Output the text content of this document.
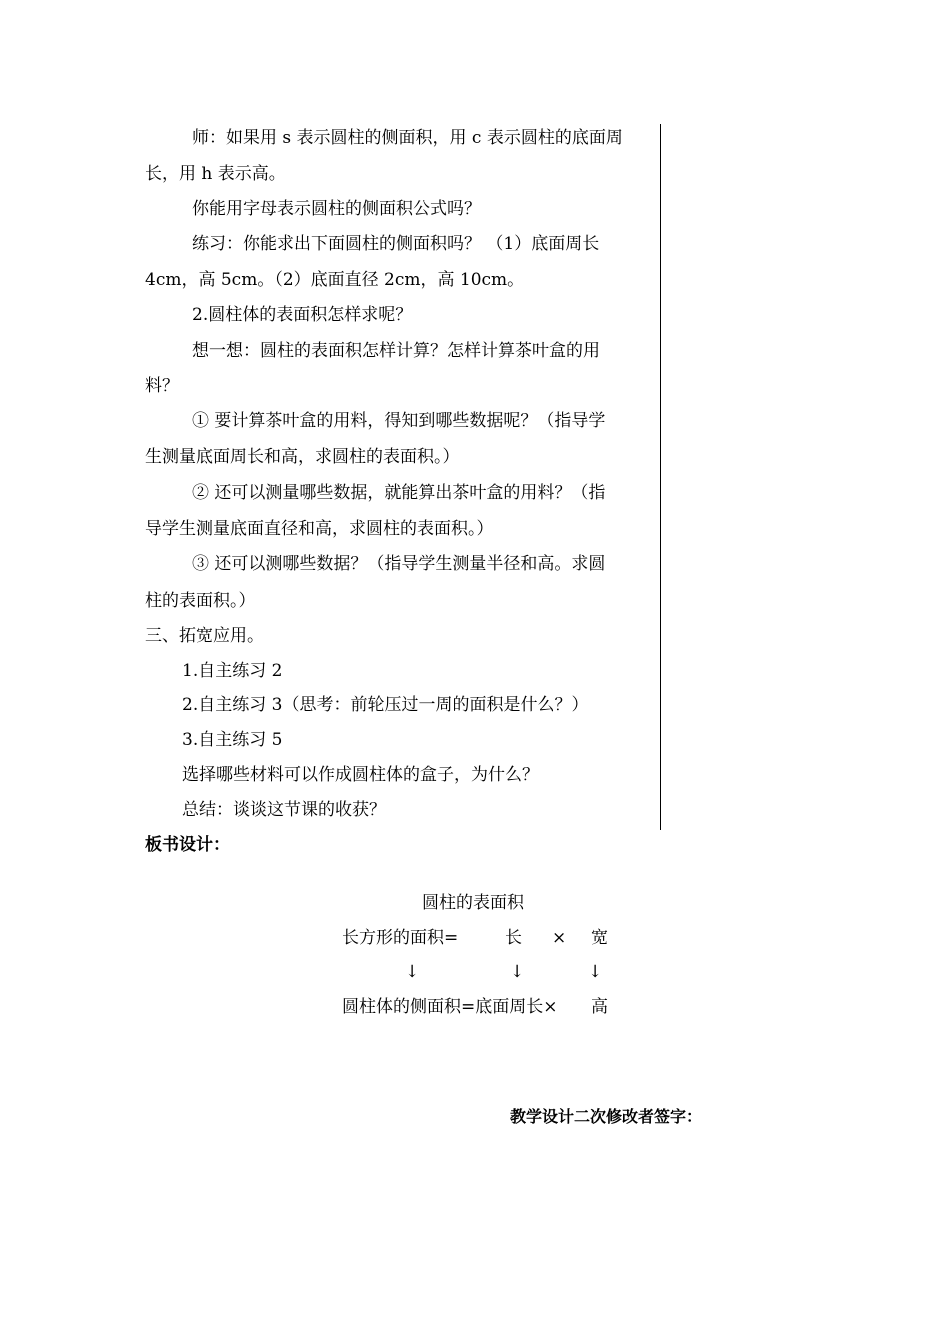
师：如果用 s 表示圆柱的侧面积，用 c 表示圆柱的底面周
长，用 h 表示高。
你能用字母表示圆柱的侧面积公式吗？
练习：你能求出下面圆柱的侧面积吗？ （1）底面周长
4cm，高 5cm。（2）底面直径 2cm，高 10cm。
2.圆柱体的表面积怎样求呢？
想一想：圆柱的表面积怎样计算？怎样计算茶叶盒的用
料？
① 要计算茶叶盒的用料，得知到哪些数据呢？（指导学
生测量底面周长和高，求圆柱的表面积。）
② 还可以测量哪些数据，就能算出茶叶盒的用料？（指
导学生测量底面直径和高，求圆柱的表面积。）
③ 还可以测哪些数据？（指导学生测量半径和高。求圆
柱的表面积。）
三、拓宽应用。
1.自主练习 2
2.自主练习 3（思考：前轮压过一周的面积是什么？）
3.自主练习 5
选择哪些材料可以作成圆柱体的盒子，为什么？
总结：谈谈这节课的收获？
板书设计：
圆柱的表面积
长方形的面积=	长 × 宽
↓	↓	↓
圆柱体的侧面积=底面周长× 高
教学设计二次修改者签字：
